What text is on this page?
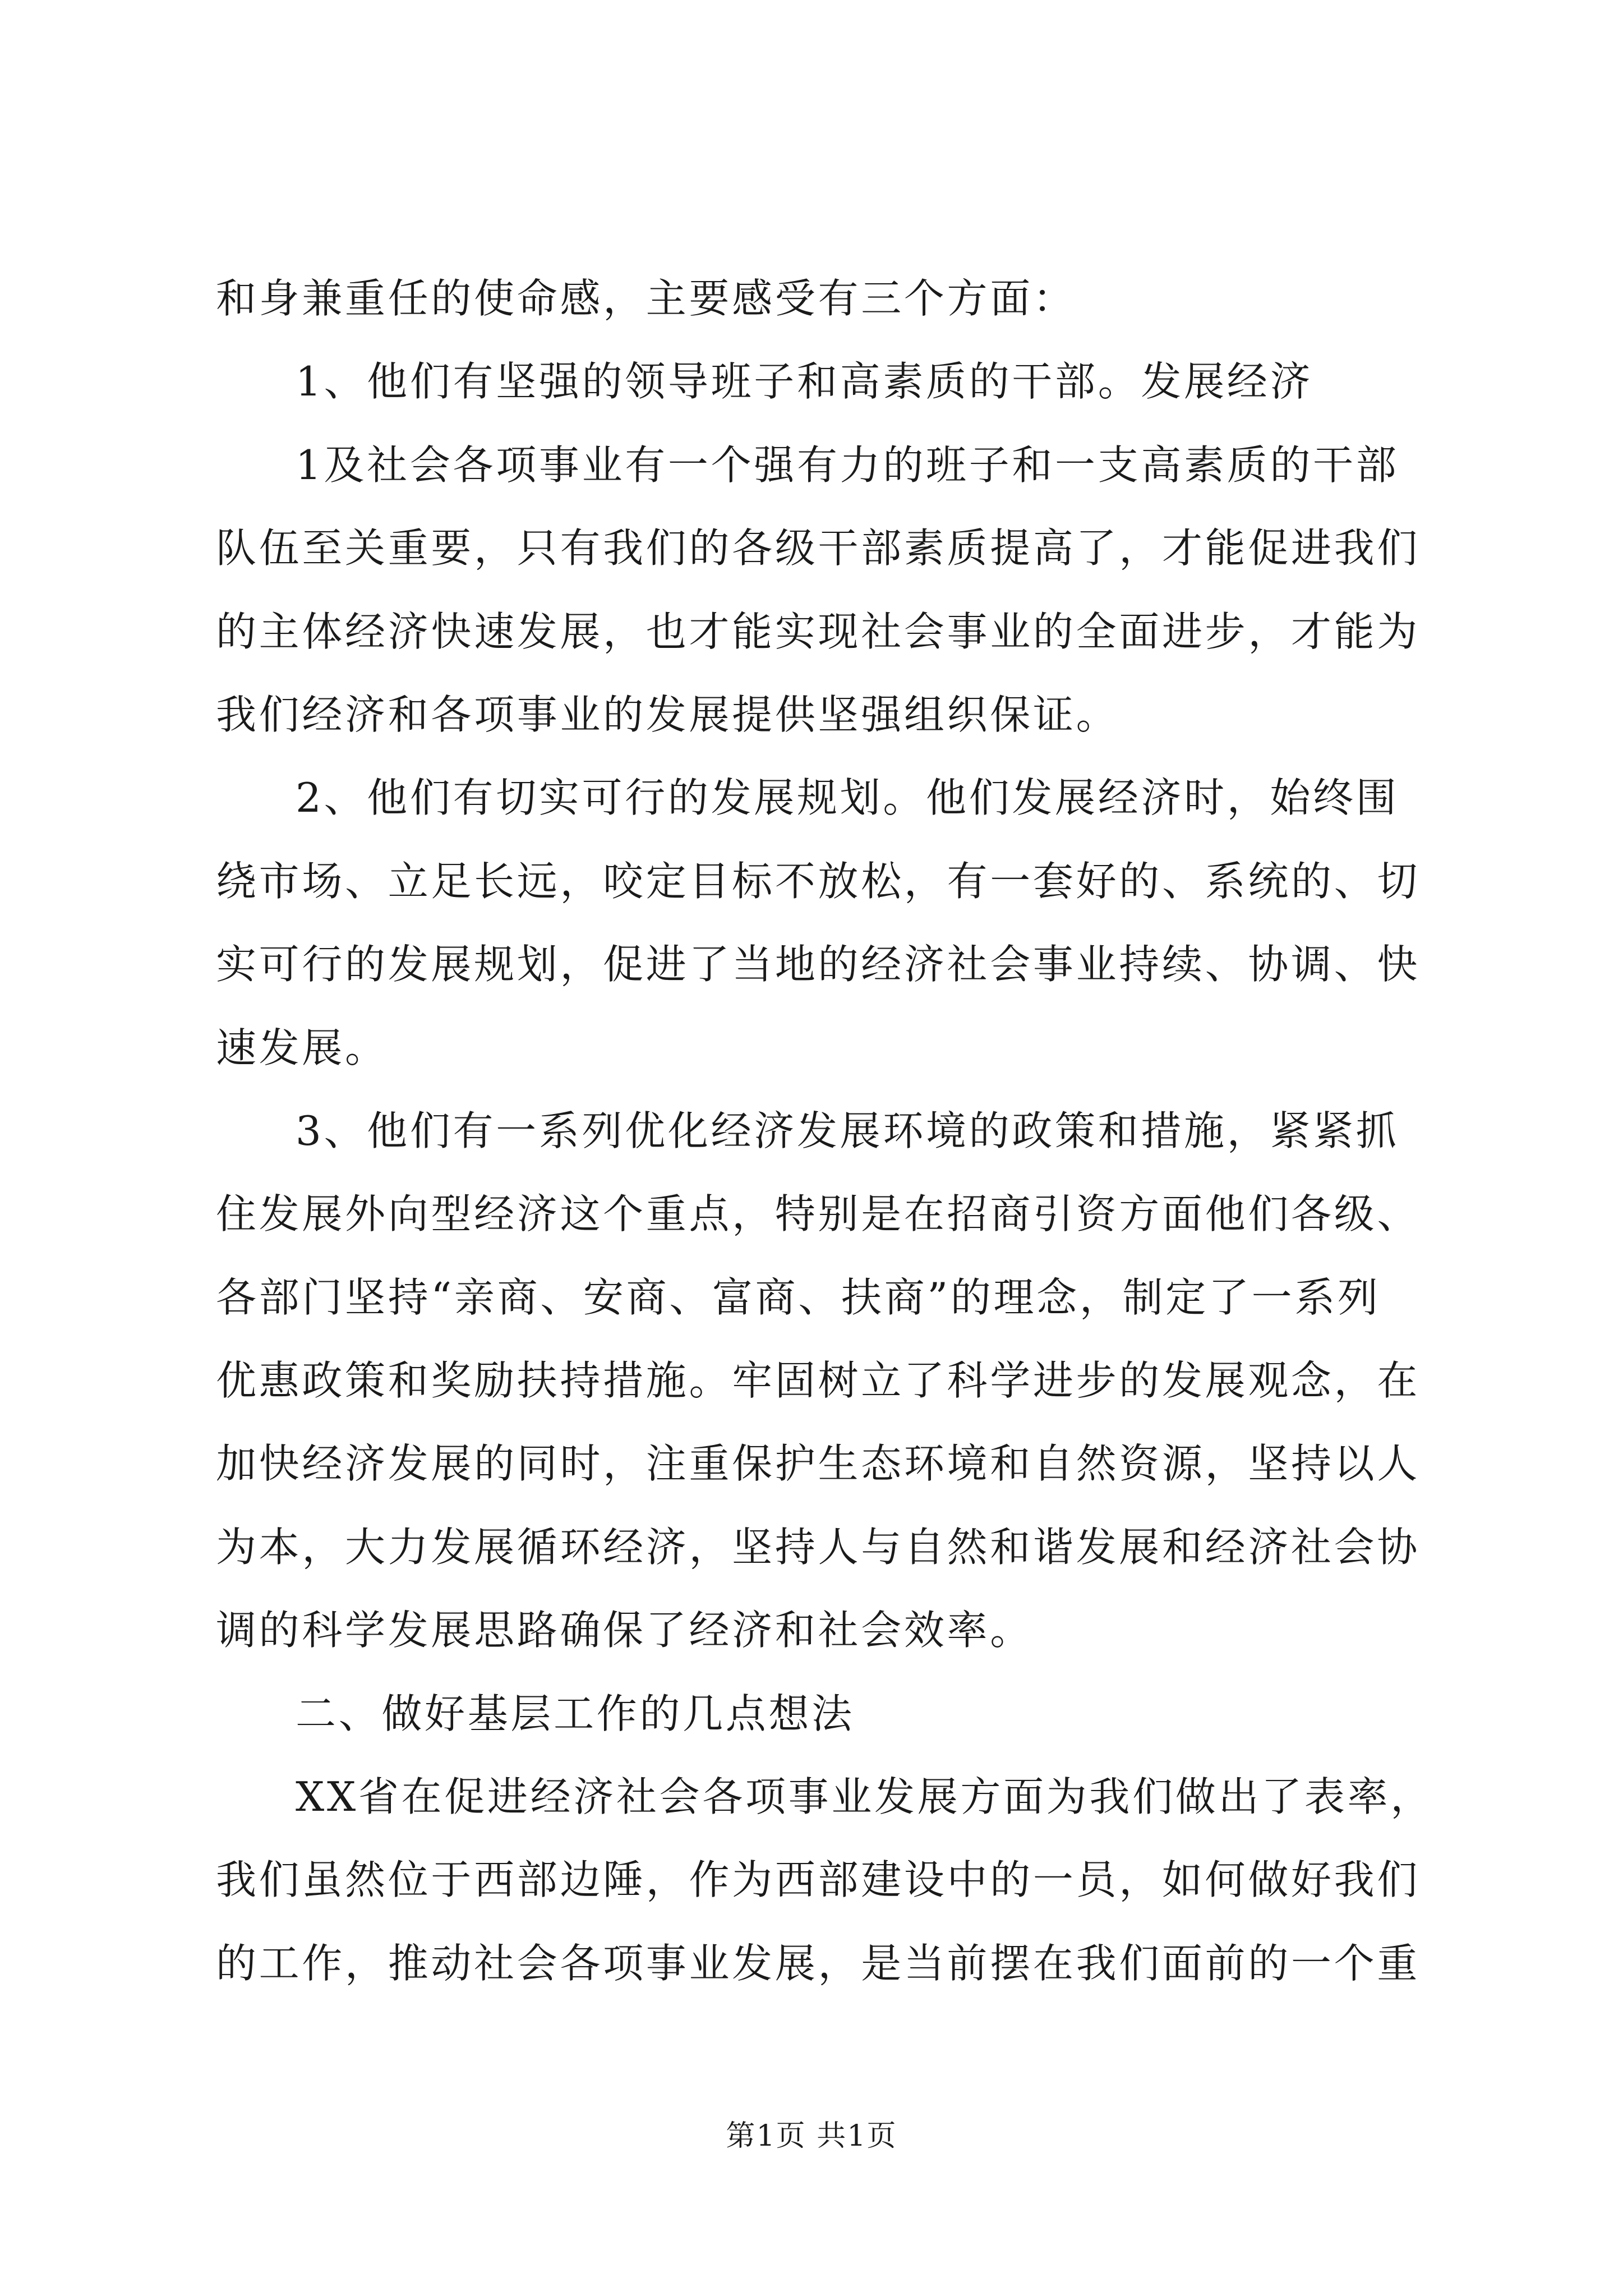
和身兼重任的使命感，主要感受有三个方面：
1、他们有坚强的领导班子和高素质的干部。发展经济
1及社会各项事业有一个强有力的班子和一支高素质的干部
队伍至关重要，只有我们的各级干部素质提高了，才能促进我们
的主体经济快速发展，也才能实现社会事业的全面进步，才能为
我们经济和各项事业的发展提供坚强组织保证。
2、他们有切实可行的发展规划。他们发展经济时，始终围
绕市场、立足长远，咬定目标不放松，有一套好的、系统的、切
实可行的发展规划，促进了当地的经济社会事业持续、协调、快
速发展。
3、他们有一系列优化经济发展环境的政策和措施，紧紧抓
住发展外向型经济这个重点，特别是在招商引资方面他们各级、
各部门坚持“亲商、安商、富商、扶商”的理念，制定了一系列
优惠政策和奖励扶持措施。牢固树立了科学进步的发展观念，在
加快经济发展的同时，注重保护生态环境和自然资源，坚持以人
为本，大力发展循环经济，坚持人与自然和谐发展和经济社会协
调的科学发展思路确保了经济和社会效率。
二、做好基层工作的几点想法
XX省在促进经济社会各项事业发展方面为我们做出了表率，
我们虽然位于西部边陲，作为西部建设中的一员，如何做好我们
的工作，推动社会各项事业发展，是当前摆在我们面前的一个重
第1页 共1页
